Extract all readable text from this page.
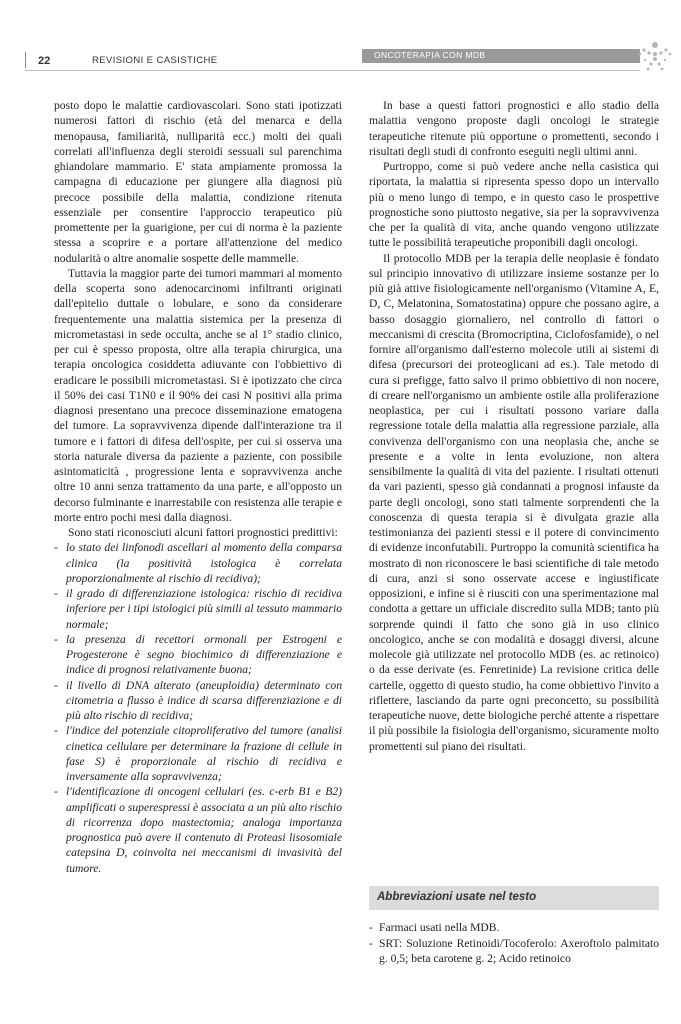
22	REVISIONI E CASISTICHE	ONCOTERAPIA CON MDB

posto dopo le malattie cardiovascolari. Sono stati ipotizzati numerosi fattori di rischio (età del menarca e della menopausa, familiarità, nulliparità ecc.) molti dei quali correlati all'influenza degli steroidi sessuali sul parenchima ghiandolare mammario. E' stata ampiamente promossa la campagna di educazione per giungere alla diagnosi più precoce possibile della malattia, condizione ritenuta essenziale per consentire l'approccio terapeutico più promettente per la guarigione, per cui di norma è la paziente stessa a scoprire e a portare all'attenzione del medico nodularità o altre anomalie sospette delle mammelle.

Tuttavia la maggior parte dei tumori mammari al momento della scoperta sono adenocarcinomi infiltranti originati dall'epitelio duttale o lobulare, e sono da considerare frequentemente una malattia sistemica per la presenza di micrometastasi in sede occulta, anche se al 1° stadio clinico, per cui è spesso proposta, oltre alla terapia chirurgica, una terapia oncologica cosiddetta adiuvante con l'obbiettivo di eradicare le possibili micrometastasi. Si è ipotizzato che circa il 50% dei casi T1N0 e il 90% dei casi N positivi alla prima diagnosi presentano una precoce disseminazione ematogena del tumore. La sopravvivenza dipende dall'interazione tra il tumore e i fattori di difesa dell'ospite, per cui si osserva una storia naturale diversa da paziente a paziente, con possibile asintomaticità , progressione lenta e sopravvivenza anche oltre 10 anni senza trattamento da una parte, e all'opposto un decorso fulminante e inarrestabile con resistenza alle terapie e morte entro pochi mesi dalla diagnosi.

Sono stati riconosciuti alcuni fattori prognostici predittivi:

- lo stato dei linfonodi ascellari al momento della comparsa clinica (la positività istologica è correlata proporzionalmente al rischio di recidiva);
- il grado di differenziazione istologica: rischio di recidiva inferiore per i tipi istologici più simili al tessuto mammario normale;
- la presenza di recettori ormonali per Estrogeni e Progesterone è segno biochimico di differenziazione e indice di prognosi relativamente buona;
- il livello di DNA alterato (aneuploidia) determinato con citometria a flusso è indice di scarsa differenziazione e di più alto rischio di recidiva;
- l'indice del potenziale citoproliferativo del tumore (analisi cinetica cellulare per determinare la frazione di cellule in fase S) è proporzionale al rischio di recidiva e inversamente alla sopravvivenza;
- l'identificazione di oncogeni cellulari (es. c-erb B1 e B2) amplificati o superespressi è associata a un più alto rischio di ricorrenza dopo mastectomia; analoga importanza prognostica può avere il contenuto di Proteasi lisosomiale catepsina D, coinvolta nei meccanismi di invasività del tumore.

In base a questi fattori prognostici e allo stadio della malattia vengono proposte dagli oncologi le strategie terapeutiche ritenute più opportune o promettenti, secondo i risultati degli studi di confronto eseguiti negli ultimi anni.

Purtroppo, come si può vedere anche nella casistica qui riportata, la malattia si ripresenta spesso dopo un intervallo più o meno lungo di tempo, e in questo caso le prospettive prognostiche sono piuttosto negative, sia per la sopravvivenza che per la qualità di vita, anche quando vengono utilizzate tutte le possibilità terapeutiche proponibili dagli oncologi.

Il protocollo MDB per la terapia delle neoplasie è fondato sul principio innovativo di utilizzare insieme sostanze per lo più già attive fisiologicamente nell'organismo (Vitamine A, E, D, C, Melatonina, Somatostatina) oppure che possano agire, a basso dosaggio giornaliero, nel controllo di fattori o meccanismi di crescita (Bromocriptina, Ciclofosfamide), o nel fornire all'organismo dall'esterno molecole utili ai sistemi di difesa (precursori dei proteoglicani ad es.). Tale metodo di cura si prefigge, fatto salvo il primo obbiettivo di non nocere, di creare nell'organismo un ambiente ostile alla proliferazione neoplastica, per cui i risultati possono variare dalla regressione totale della malattia alla regressione parziale, alla convivenza dell'organismo con una neoplasia che, anche se presente e a volte in lenta evoluzione, non altera sensibilmente la qualità di vita del paziente. I risultati ottenuti da vari pazienti, spesso già condannati a prognosi infauste da parte degli oncologi, sono stati talmente sorprendenti che la conoscenza di questa terapia si è divulgata grazie alla testimonianza dei pazienti stessi e il potere di convincimento di evidenze inconfutabili. Purtroppo la comunità scientifica ha mostrato di non riconoscere le basi scientifiche di tale metodo di cura, anzi si sono osservate accese e ingiustificate opposizioni, e infine si è riusciti con una sperimentazione mal condotta a gettare un ufficiale discredito sulla MDB; tanto più sorprende quindi il fatto che sono già in uso clinico oncologico, anche se con modalità e dosaggi diversi, alcune molecole già utilizzate nel protocollo MDB (es. ac retinoico) o da esse derivate (es. Fenretinide) La revisione critica delle cartelle, oggetto di questo studio, ha come obbiettivo l'invito a riflettere, lasciando da parte ogni preconcetto, su possibilità terapeutiche nuove, dette biologiche perché attente a rispettare il più possibile la fisiologia dell'organismo, sicuramente molto promettenti sul piano dei risultati.

Abbreviazioni usate nel testo
- Farmaci usati nella MDB.
- SRT: Soluzione Retinoidi/Tocoferolo: Axeroftolo palmitato g. 0,5; beta carotene g. 2; Acido retinoico
